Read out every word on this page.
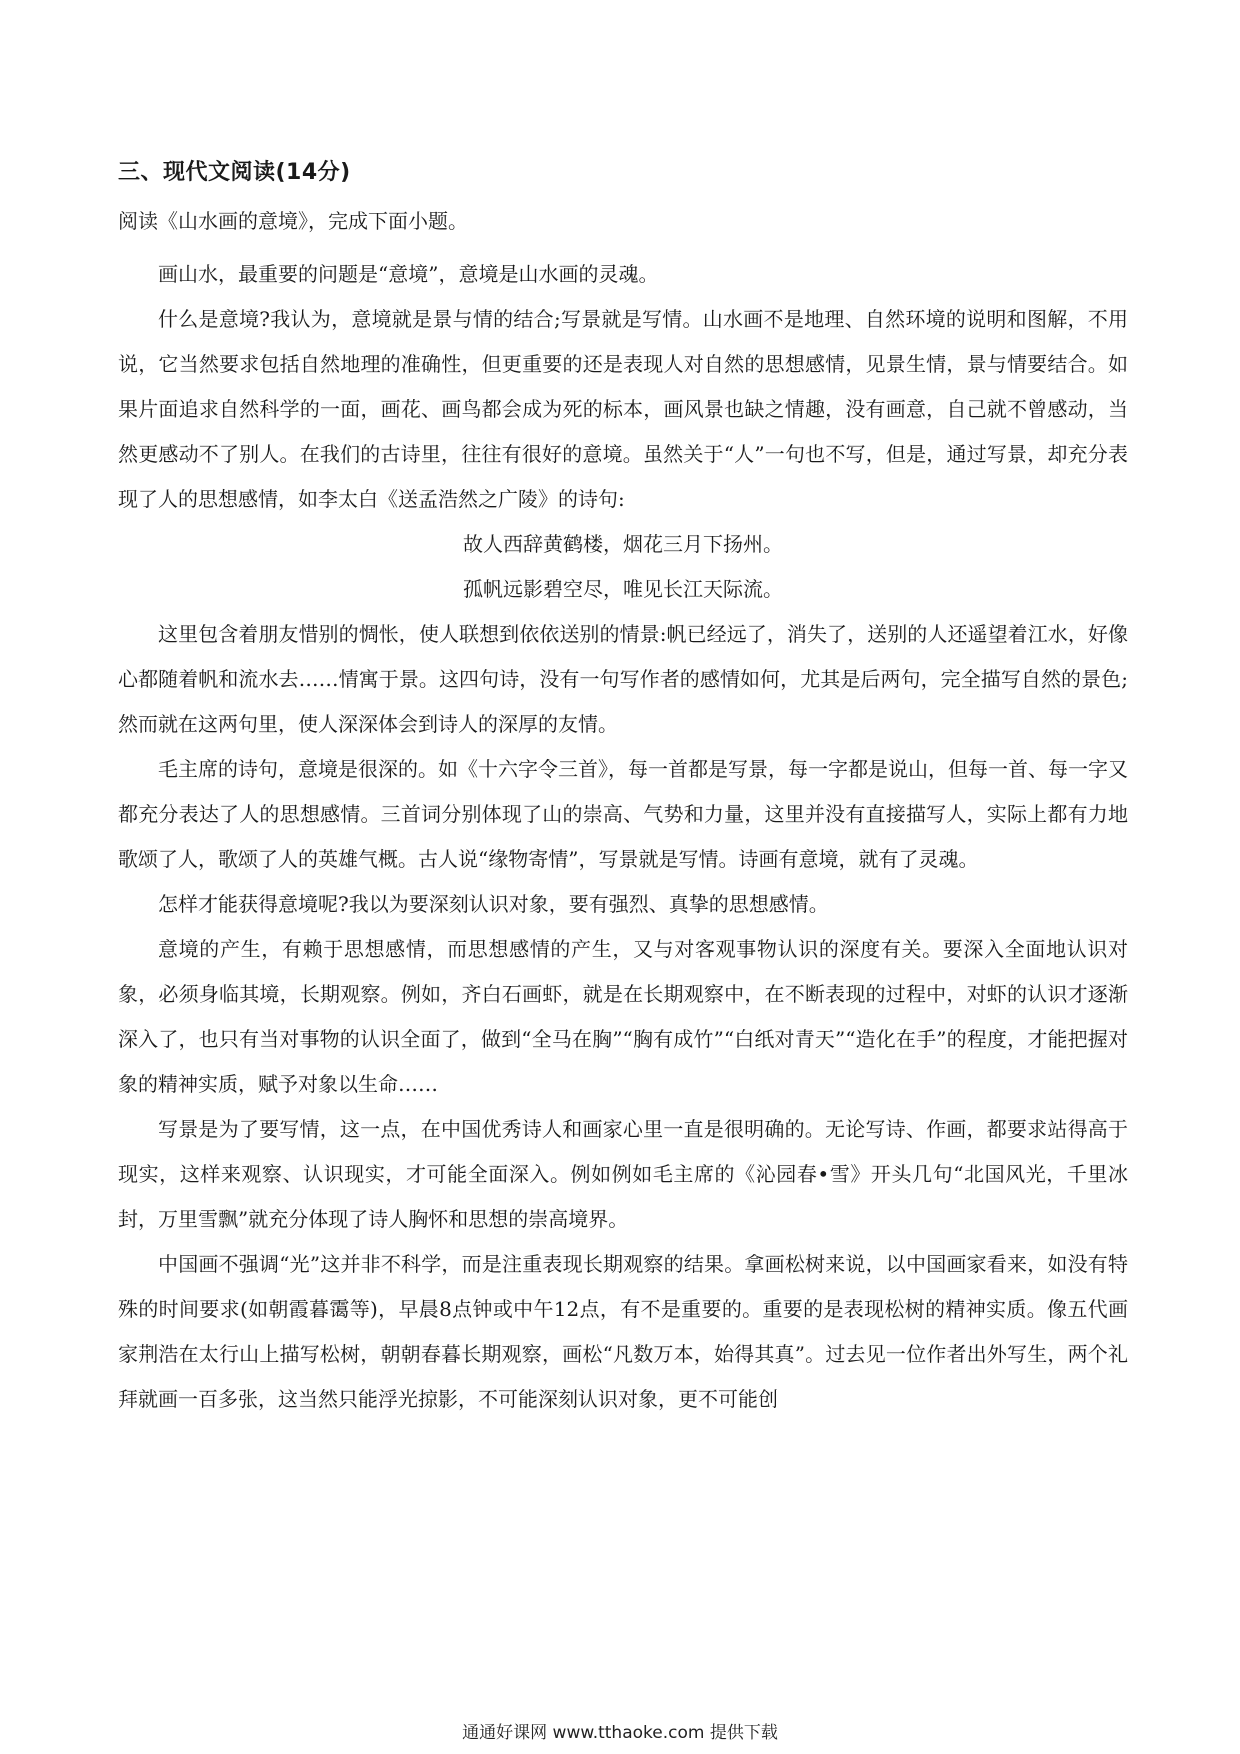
三、现代文阅读(14分)
阅读《山水画的意境》，完成下面小题。

画山水，最重要的问题是“意境”，意境是山水画的灵魂。

什么是意境?我认为，意境就是景与情的结合;写景就是写情。山水画不是地理、自然环境的说明和图解，不用说，它当然要求包括自然地理的准确性，但更重要的还是表现人对自然的思想感情，见景生情，景与情要结合。如果片面追求自然科学的一面，画花、画鸟都会成为死的标本，画风景也缺之情趣，没有画意，自己就不曾感动，当然更感动不了别人。在我们的古诗里，往往有很好的意境。虽然关于“人”一句也不写，但是，通过写景，却充分表现了人的思想感情，如李太白《送孟浩然之广陵》的诗句:

故人西辞黄鹤楼，烟花三月下扬州。

孤帆远影碧空尽，唯见长江天际流。

这里包含着朋友惜别的惆怅，使人联想到依依送别的情景:帆已经远了，消失了，送别的人还遥望着江水，好像心都随着帆和流水去……情寓于景。这四句诗，没有一句写作者的感情如何，尤其是后两句，完全描写自然的景色;然而就在这两句里，使人深深体会到诗人的深厚的友情。

毛主席的诗句，意境是很深的。如《十六字令三首》，每一首都是写景，每一字都是说山，但每一首、每一字又都充分表达了人的思想感情。三首词分别体现了山的崇高、气势和力量，这里并没有直接描写人，实际上都有力地歌颂了人，歌颂了人的英雄气概。古人说“缘物寄情”，写景就是写情。诗画有意境，就有了灵魂。

怎样才能获得意境呢?我以为要深刻认识对象，要有强烈、真挚的思想感情。

意境的产生，有赖于思想感情，而思想感情的产生，又与对客观事物认识的深度有关。要深入全面地认识对象，必须身临其境，长期观察。例如，齐白石画虾，就是在长期观察中，在不断表现的过程中，对虾的认识才逐渐深入了，也只有当对事物的认识全面了，做到“全马在胸”“胸有成竹”“白纸对青天”“造化在手”的程度，才能把握对象的精神实质，赋予对象以生命……

写景是为了要写情，这一点，在中国优秀诗人和画家心里一直是很明确的。无论写诗、作画，都要求站得高于现实，这样来观察、认识现实，才可能全面深入。例如例如毛主席的《沁园春•雪》开头几句“北国风光，千里冰封，万里雪飘”就充分体现了诗人胸怀和思想的崇高境界。

中国画不强调“光”这并非不科学，而是注重表现长期观察的结果。拿画松树来说，以中国画家看来，如没有特殊的时间要求(如朝霞暮霭等)，早晨8点钟或中午12点，有不是重要的。重要的是表现松树的精神实质。像五代画家荆浩在太行山上描写松树，朝朝春暮长期观察，画松“凡数万本，始得其真”。过去见一位作者出外写生，两个礼拜就画一百多张，这当然只能浮光掠影，不可能深刻认识对象，更不可能创

通通好课网 www.tthaoke.com 提供下载
